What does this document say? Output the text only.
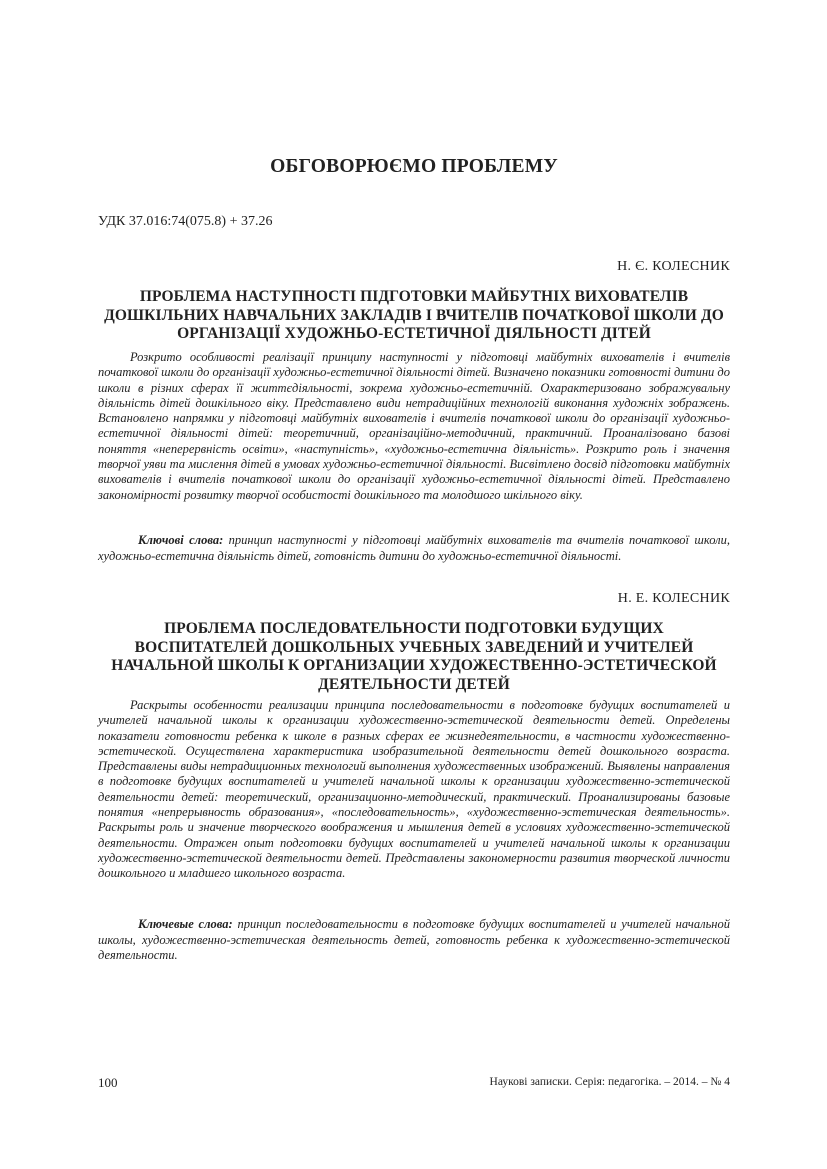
ОБГОВОРЮЄМО ПРОБЛЕМУ
УДК 37.016:74(075.8) + 37.26
Н. Є. КОЛЕСНИК
ПРОБЛЕМА НАСТУПНОСТІ ПІДГОТОВКИ МАЙБУТНІХ ВИХОВАТЕЛІВ ДОШКІЛЬНИХ НАВЧАЛЬНИХ ЗАКЛАДІВ І ВЧИТЕЛІВ ПОЧАТКОВОЇ ШКОЛИ ДО ОРГАНІЗАЦІЇ ХУДОЖНЬО-ЕСТЕТИЧНОЇ ДІЯЛЬНОСТІ ДІТЕЙ
Розкрито особливості реалізації принципу наступності у підготовці майбутніх вихователів і вчителів початкової школи до організації художньо-естетичної діяльності дітей. Визначено показники готовності дитини до школи в різних сферах її життєдіяльності, зокрема художньо-естетичній. Охарактеризовано зображувальну діяльність дітей дошкільного віку. Представлено види нетрадиційних технологій виконання художніх зображень. Встановлено напрямки у підготовці майбутніх вихователів і вчителів початкової школи до організації художньо-естетичної діяльності дітей: теоретичний, організаційно-методичний, практичний. Проаналізовано базові поняття «неперервність освіти», «наступність», «художньо-естетична діяльність». Розкрито роль і значення творчої уяви та мислення дітей в умовах художньо-естетичної діяльності. Висвітлено досвід підготовки майбутніх вихователів і вчителів початкової школи до організації художньо-естетичної діяльності дітей. Представлено закономірності розвитку творчої особистості дошкільного та молодшого шкільного віку.
Ключові слова: принцип наступності у підготовці майбутніх вихователів та вчителів початкової школи, художньо-естетична діяльність дітей, готовність дитини до художньо-естетичної діяльності.
Н. Е. КОЛЕСНИК
ПРОБЛЕМА ПОСЛЕДОВАТЕЛЬНОСТИ ПОДГОТОВКИ БУДУЩИХ ВОСПИТАТЕЛЕЙ ДОШКОЛЬНЫХ УЧЕБНЫХ ЗАВЕДЕНИЙ И УЧИТЕЛЕЙ НАЧАЛЬНОЙ ШКОЛЫ К ОРГАНИЗАЦИИ ХУДОЖЕСТВЕННО-ЭСТЕТИЧЕСКОЙ ДЕЯТЕЛЬНОСТИ ДЕТЕЙ
Раскрыты особенности реализации принципа последовательности в подготовке будущих воспитателей и учителей начальной школы к организации художественно-эстетической деятельности детей. Определены показатели готовности ребенка к школе в разных сферах ее жизнедеятельности, в частности художественно-эстетической. Осуществлена характеристика изобразительной деятельности детей дошкольного возраста. Представлены виды нетрадиционных технологий выполнения художественных изображений. Выявлены направления в подготовке будущих воспитателей и учителей начальной школы к организации художественно-эстетической деятельности детей: теоретический, организационно-методический, практический. Проанализированы базовые понятия «непрерывность образования», «последовательность», «художественно-эстетическая деятельность». Раскрыты роль и значение творческого воображения и мышления детей в условиях художественно-эстетической деятельности. Отражен опыт подготовки будущих воспитателей и учителей начальной школы к организации художественно-эстетической деятельности детей. Представлены закономерности развития творческой личности дошкольного и младшего школьного возраста.
Ключевые слова: принцип последовательности в подготовке будущих воспитателей и учителей начальной школы, художественно-эстетическая деятельность детей, готовность ребенка к художественно-эстетической деятельности.
100	Наукові записки. Серія: педагогіка. – 2014. – № 4
